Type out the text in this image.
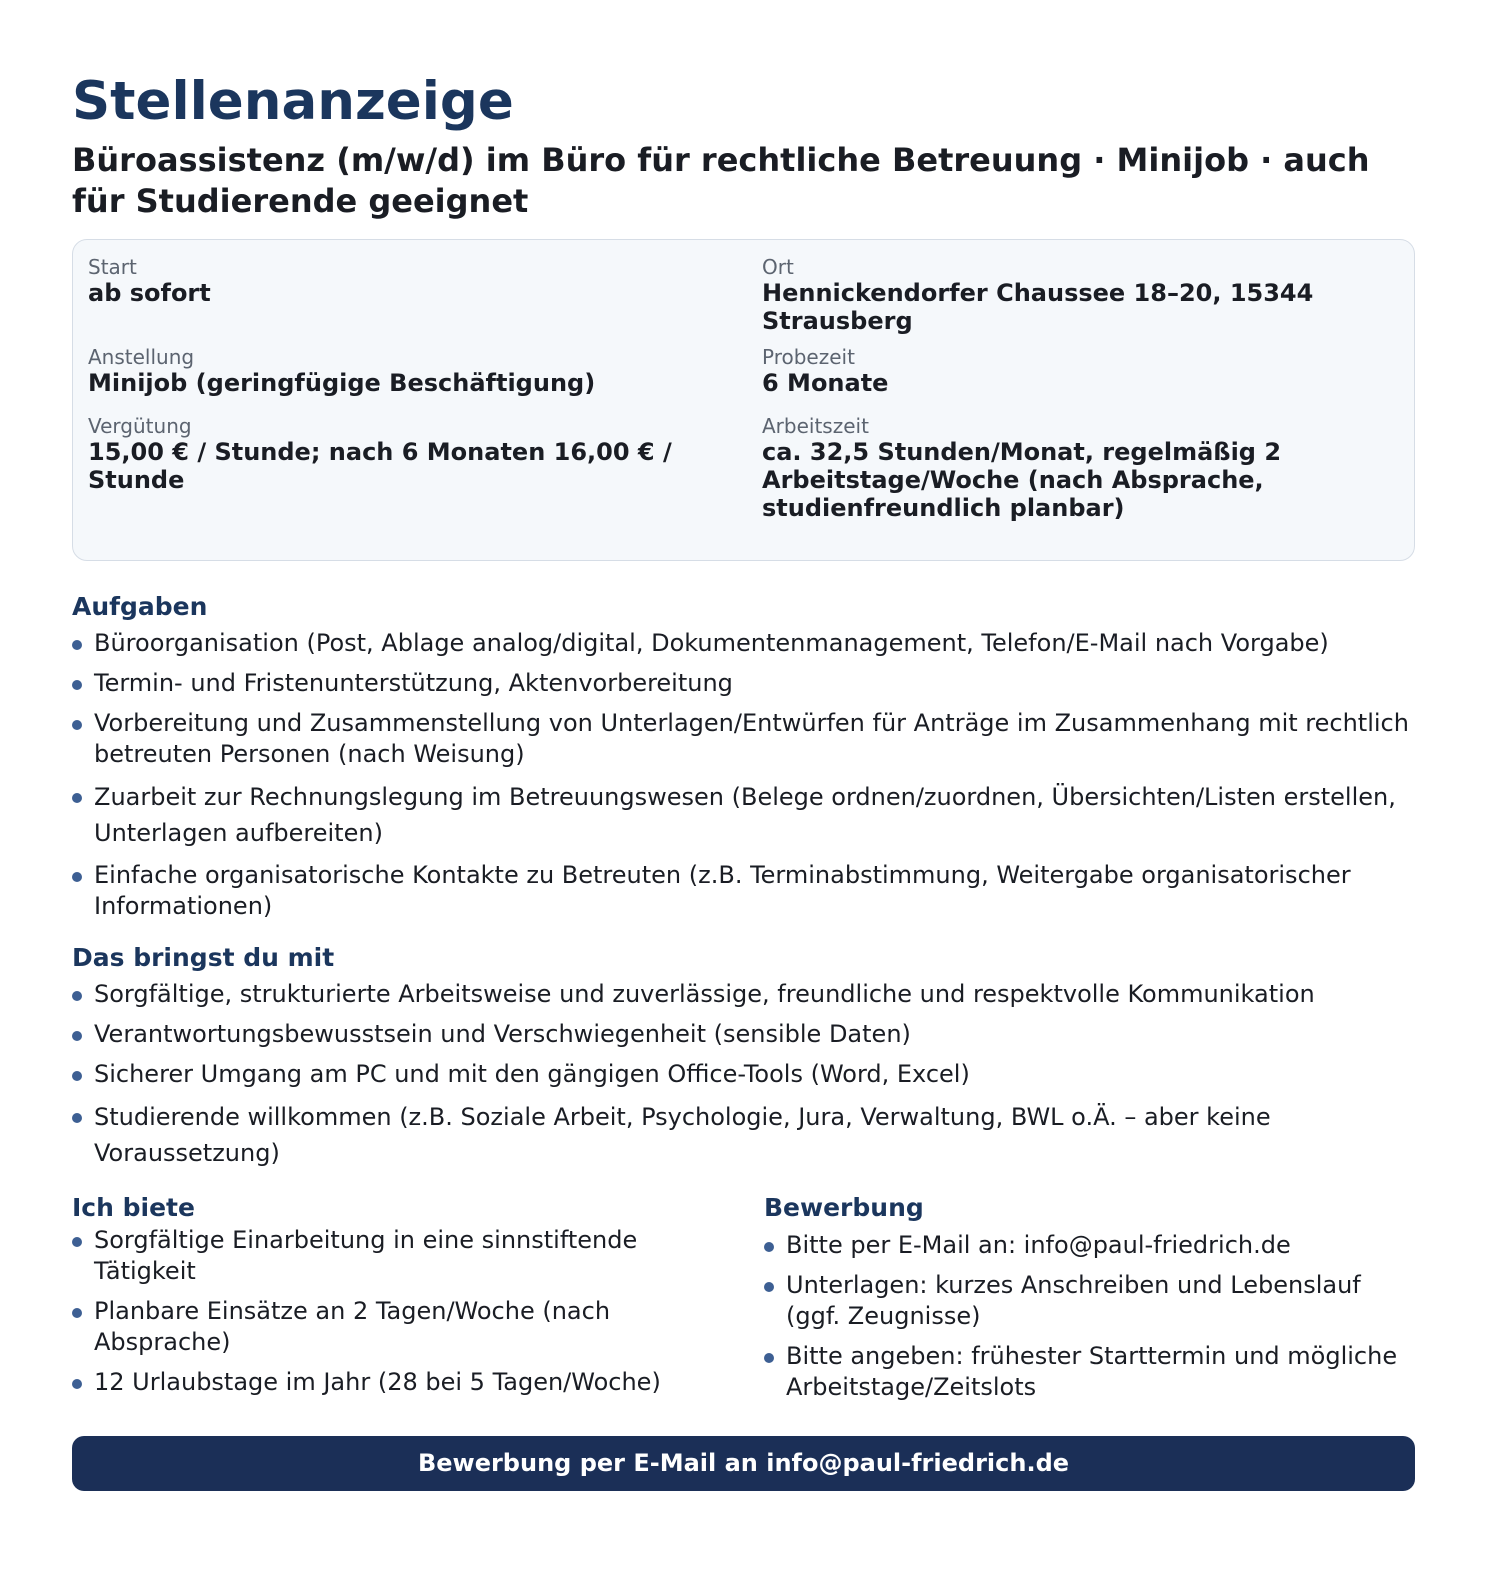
Stellenanzeige
Büroassistenz (m/w/d) im Büro für rechtliche Betreuung · Minijob · auch für Studierende geeignet
Start
ab sofort
Ort
Hennickendorfer Chaussee 18–20, 15344 Strausberg
Anstellung
Minijob (geringfügige Beschäftigung)
Probezeit
6 Monate
Vergütung
15,00 € / Stunde; nach 6 Monaten 16,00 € / Stunde
Arbeitszeit
ca. 32,5 Stunden/Monat, regelmäßig 2 Arbeitstage/Woche (nach Absprache, studienfreundlich planbar)
Aufgaben
Büroorganisation (Post, Ablage analog/digital, Dokumentenmanagement, Telefon/E-Mail nach Vorgabe)
Termin- und Fristenunterstützung, Aktenvorbereitung
Vorbereitung und Zusammenstellung von Unterlagen/Entwürfen für Anträge im Zusammenhang mit rechtlich betreuten Personen (nach Weisung)
Zuarbeit zur Rechnungslegung im Betreuungswesen (Belege ordnen/zuordnen, Übersichten/Listen erstellen, Unterlagen aufbereiten)
Einfache organisatorische Kontakte zu Betreuten (z.B. Terminabstimmung, Weitergabe organisatorischer Informationen)
Das bringst du mit
Sorgfältige, strukturierte Arbeitsweise und zuverlässige, freundliche und respektvolle Kommunikation
Verantwortungsbewusstsein und Verschwiegenheit (sensible Daten)
Sicherer Umgang am PC und mit den gängigen Office-Tools (Word, Excel)
Studierende willkommen (z.B. Soziale Arbeit, Psychologie, Jura, Verwaltung, BWL o.Ä. – aber keine Voraussetzung)
Ich biete
Sorgfältige Einarbeitung in eine sinnstiftende Tätigkeit
Planbare Einsätze an 2 Tagen/Woche (nach Absprache)
12 Urlaubstage im Jahr (28 bei 5 Tagen/Woche)
Bewerbung
Bitte per E-Mail an: info@paul-friedrich.de
Unterlagen: kurzes Anschreiben und Lebenslauf (ggf. Zeugnisse)
Bitte angeben: frühester Starttermin und mögliche Arbeitstage/Zeitslots
Bewerbung per E-Mail an info@paul-friedrich.de
